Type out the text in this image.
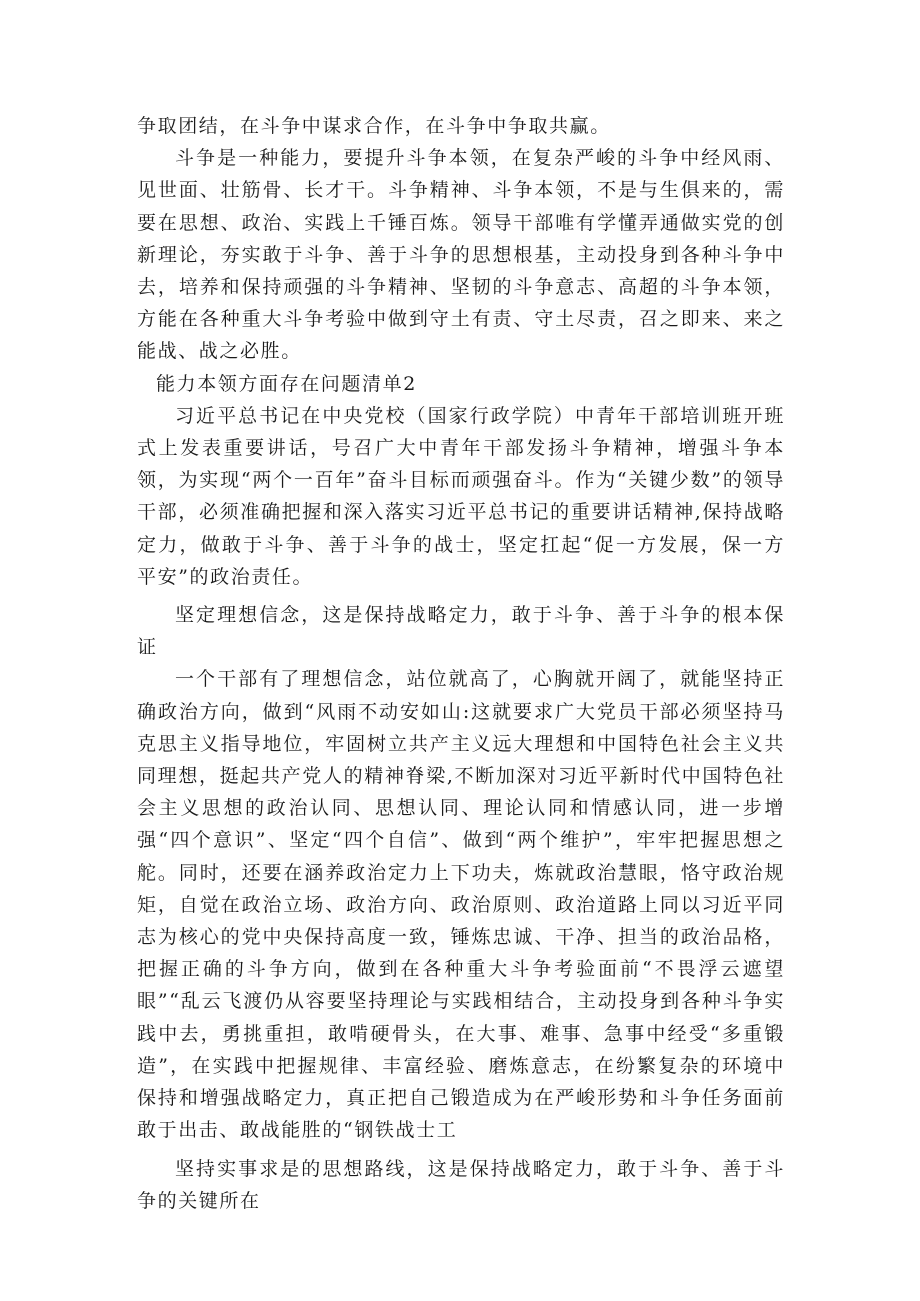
争取团结，在斗争中谋求合作，在斗争中争取共赢。

斗争是一种能力，要提升斗争本领，在复杂严峻的斗争中经风雨、见世面、壮筋骨、长才干。斗争精神、斗争本领，不是与生俱来的，需要在思想、政治、实践上千锤百炼。领导干部唯有学懂弄通做实党的创新理论，夯实敢于斗争、善于斗争的思想根基，主动投身到各种斗争中去，培养和保持顽强的斗争精神、坚韧的斗争意志、高超的斗争本领，方能在各种重大斗争考验中做到守土有责、守土尽责，召之即来、来之能战、战之必胜。

能力本领方面存在问题清单2

习近平总书记在中央党校（国家行政学院）中青年干部培训班开班式上发表重要讲话，号召广大中青年干部发扬斗争精神，增强斗争本领，为实现“两个一百年”奋斗目标而顽强奋斗。作为“关键少数”的领导干部，必须准确把握和深入落实习近平总书记的重要讲话精神,保持战略定力，做敢于斗争、善于斗争的战士，坚定扛起“促一方发展，保一方平安”的政治责任。

坚定理想信念，这是保持战略定力，敢于斗争、善于斗争的根本保证

一个干部有了理想信念，站位就高了，心胸就开阔了，就能坚持正确政治方向，做到“风雨不动安如山:这就要求广大党员干部必须坚持马克思主义指导地位，牢固树立共产主义远大理想和中国特色社会主义共同理想，挺起共产党人的精神脊梁,不断加深对习近平新时代中国特色社会主义思想的政治认同、思想认同、理论认同和情感认同，进一步增强“四个意识”、坚定“四个自信”、做到“两个维护”，牢牢把握思想之舵。同时，还要在涵养政治定力上下功夫，炼就政治慧眼，恪守政治规矩，自觉在政治立场、政治方向、政治原则、政治道路上同以习近平同志为核心的党中央保持高度一致，锤炼忠诚、干净、担当的政治品格，把握正确的斗争方向，做到在各种重大斗争考验面前“不畏浮云遮望眼”“乱云飞渡仍从容要坚持理论与实践相结合，主动投身到各种斗争实践中去，勇挑重担，敢啃硬骨头，在大事、难事、急事中经受“多重锻造”，在实践中把握规律、丰富经验、磨炼意志，在纷繁复杂的环境中保持和增强战略定力，真正把自己锻造成为在严峻形势和斗争任务面前敢于出击、敢战能胜的“钢铁战士工

坚持实事求是的思想路线，这是保持战略定力，敢于斗争、善于斗争的关键所在
